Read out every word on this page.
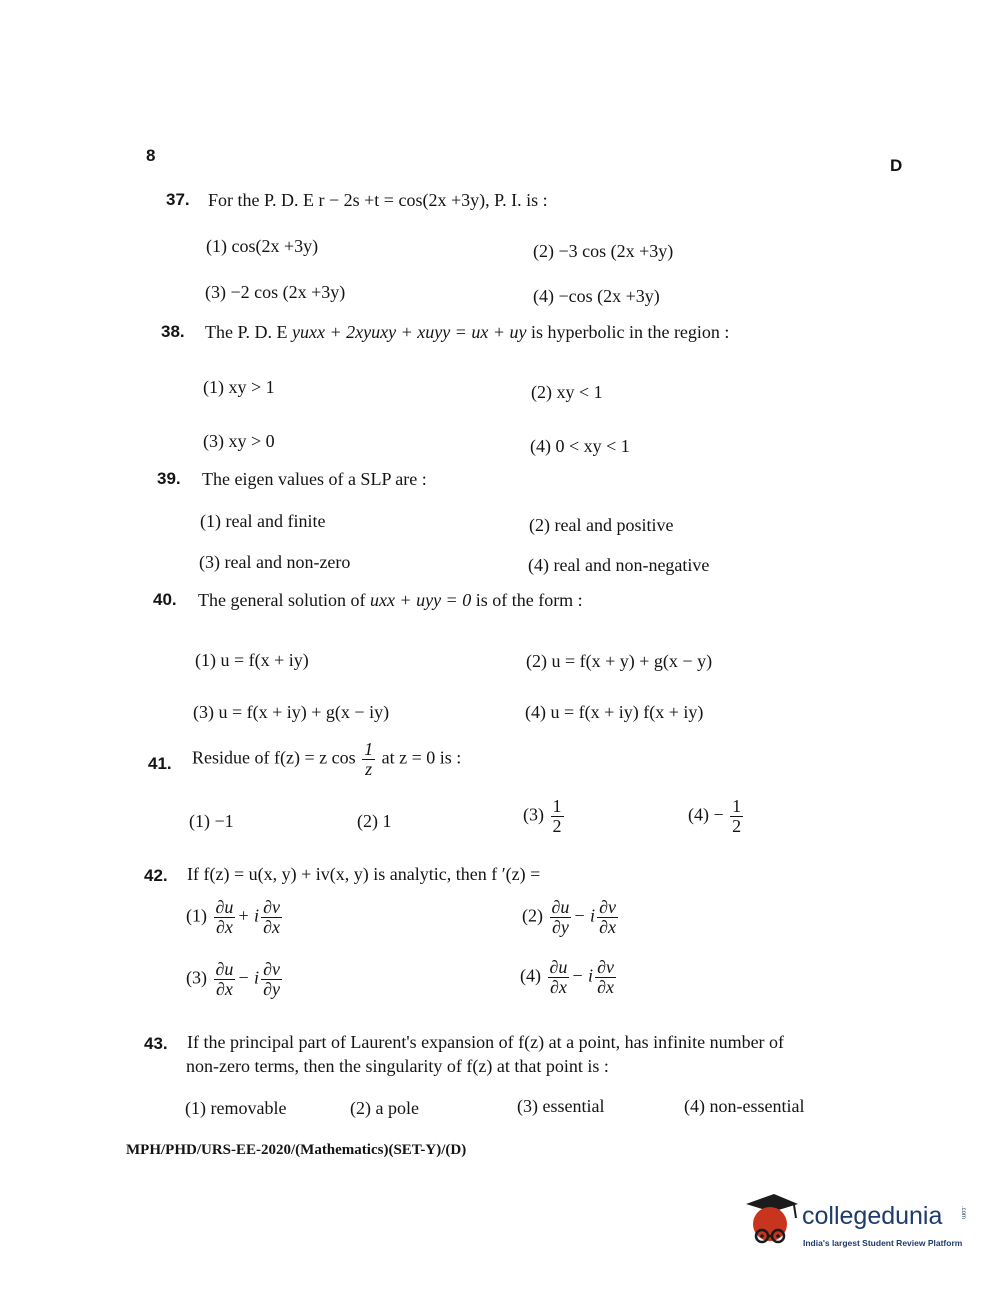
8
D
37. For the P. D. E r − 2s +t = cos(2x +3y), P. I. is :
(1) cos(2x +3y)	(2) −3 cos (2x +3y)
(3) −2 cos (2x +3y)	(4) −cos (2x +3y)
38. The P. D. E yuxx + 2xyuxy + xuyy = ux + uy is hyperbolic in the region :
(1) xy > 1	(2) xy < 1
(3) xy > 0	(4) 0 < xy < 1
39. The eigen values of a SLP are :
(1) real and finite	(2) real and positive
(3) real and non-zero	(4) real and non-negative
40. The general solution of uxx + uyy = 0 is of the form :
(1) u = f(x + iy)	(2) u = f(x + y) + g(x − y)
(3) u = f(x + iy) + g(x − iy)	(4) u = f(x + iy) f(x + iy)
41. Residue of f(z) = z $\cos \frac{1}{z}$ at z = 0 is :
(1) −1	(2) 1	$(3) \frac{1}{2}$	$(4) - \frac{1}{2}$
42. If f(z) = u(x, y) + iv(x, y) is analytic, then f ′(z) =
$(1) \frac{\partial u}{\partial x} + i \frac{\partial v}{\partial x}$	$(2) \frac{\partial u}{\partial y} - i \frac{\partial v}{\partial x}$
$(3) \frac{\partial u}{\partial x} - i \frac{\partial v}{\partial y}$	$(4) \frac{\partial u}{\partial x} - i \frac{\partial v}{\partial x}$
43. If the principal part of Laurent's expansion of f(z) at a point, has infinite number of
non-zero terms, then the singularity of f(z) at that point is :
(1) removable	(2) a pole	(3) essential	(4) non-essential
MPH/PHD/URS-EE-2020/(Mathematics)(SET-Y)/(D)
collegedunia	.com
India's largest Student Review Platform
